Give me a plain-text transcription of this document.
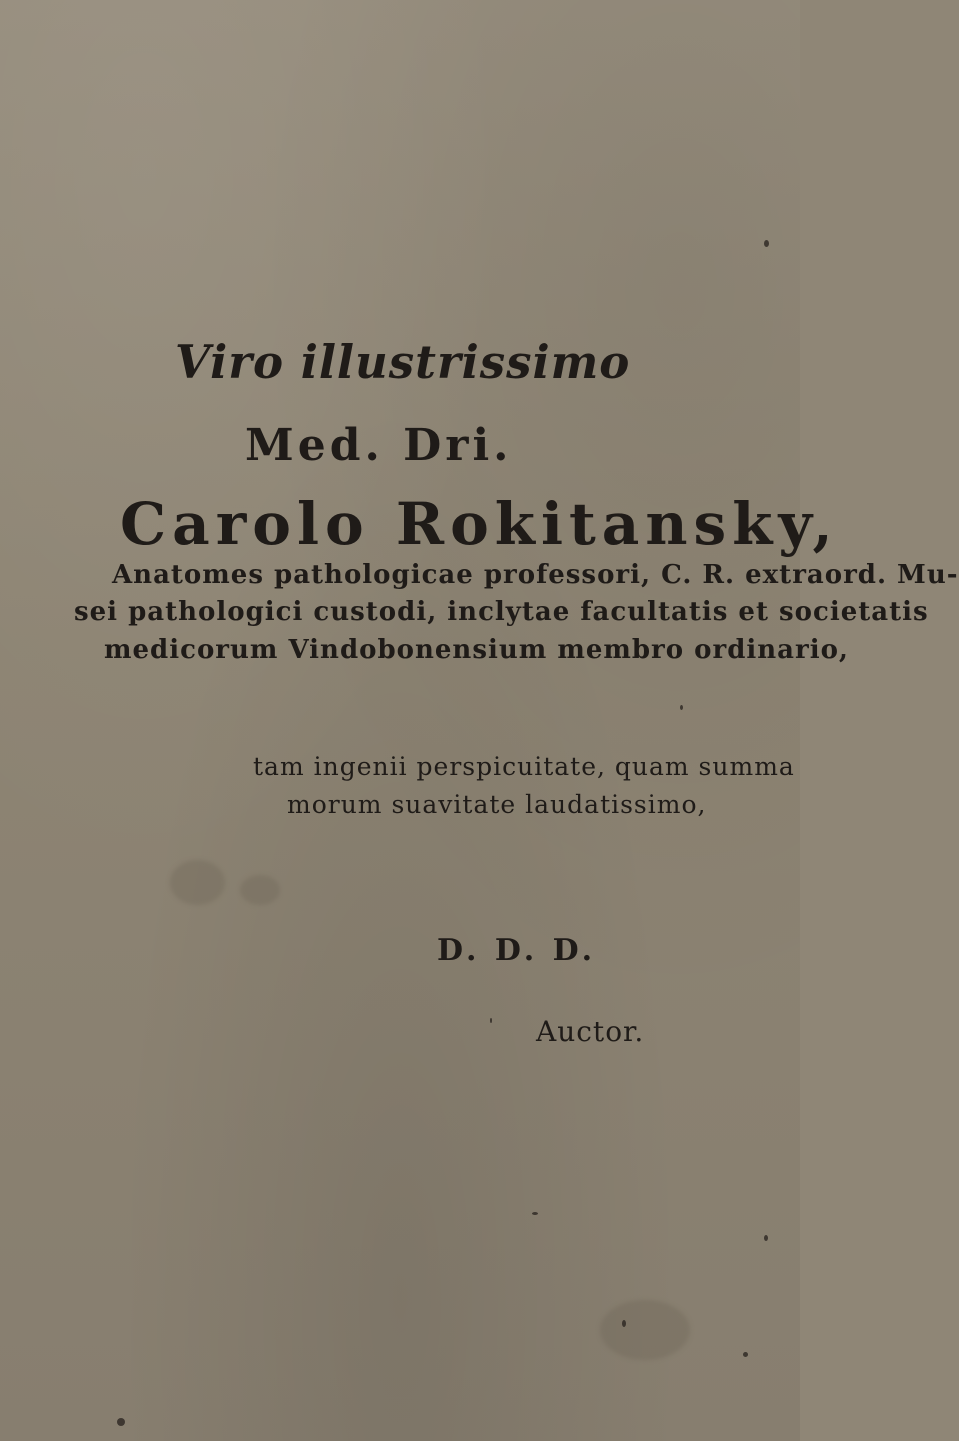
Viro illustrissimo

Med. Dri.

Carolo Rokitansky,

Anatomes pathologicae professori, C. R. extraord. Mu-

sei pathologici custodi, inclytae facultatis et societatis

medicorum Vindobonensium membro ordinario,

tam ingenii perspicuitate, quam summa

morum suavitate laudatissimo,

D. D. D.

Auctor.
